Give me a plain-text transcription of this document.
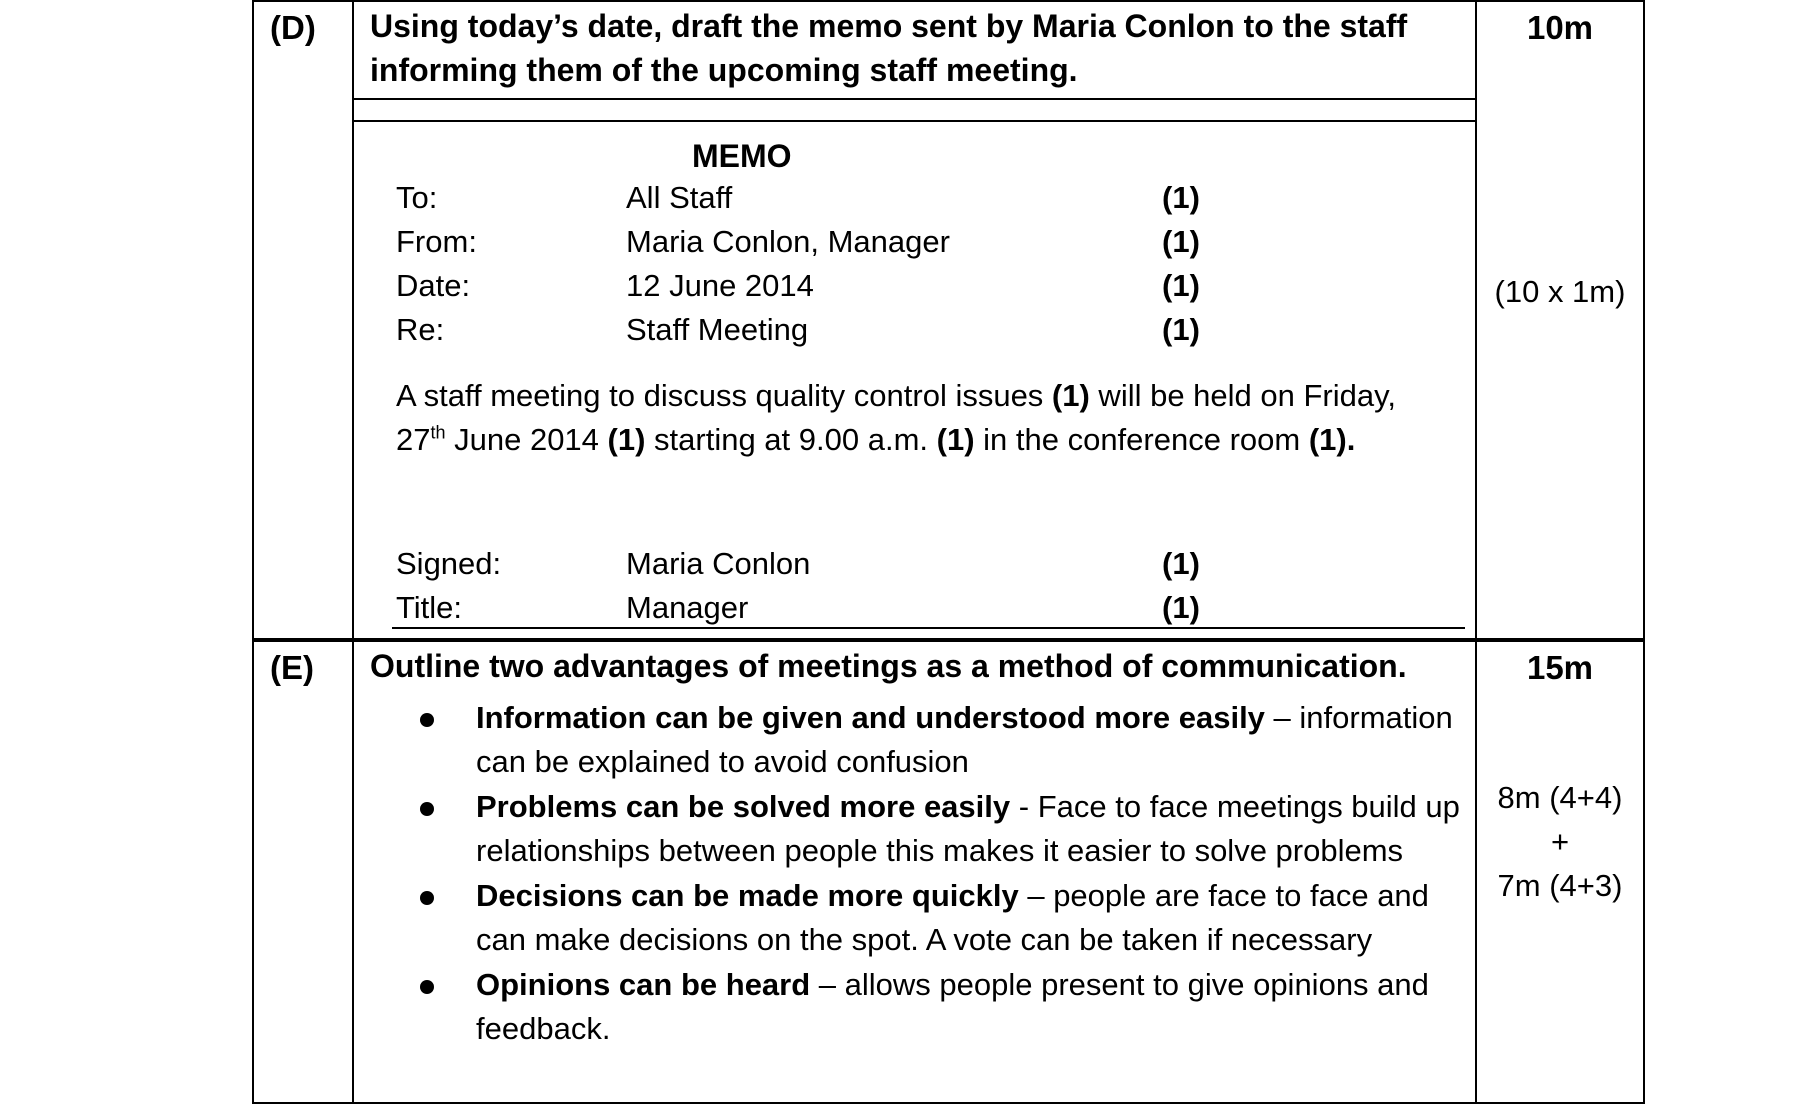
(D)	Using today’s date, draft the memo sent by Maria Conlon to the staff informing them of the upcoming staff meeting.

10m
(10 x 1m)

MEMO
To:	All Staff	(1)
From:	Maria Conlon, Manager	(1)
Date:	12 June 2014	(1)
Re:	Staff Meeting	(1)
A staff meeting to discuss quality control issues (1) will be held on Friday, 27th June 2014 (1) starting at 9.00 a.m. (1) in the conference room (1).
Signed:	Maria Conlon	(1)
Title:	Manager	(1)
(E)	Outline two advantages of meetings as a method of communication.
Information can be given and understood more easily – information can be explained to avoid confusion
Problems can be solved more easily - Face to face meetings build up relationships between people this makes it easier to solve problems
Decisions can be made more quickly – people are face to face and can make decisions on the spot. A vote can be taken if necessary
Opinions can be heard – allows people present to give opinions and feedback.

15m
8m (4+4)
+
7m (4+3)
